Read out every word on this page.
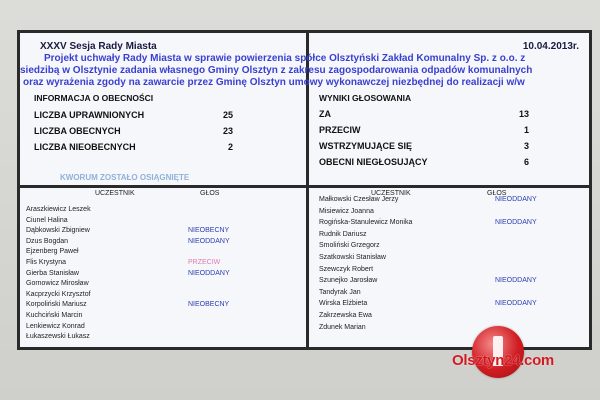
XXXV Sesja Rady Miasta
INFORMACJA O OBECNOŚCI
LICZBA UPRAWNIONYCH	25
LICZBA OBECNYCH	23
LICZBA NIEOBECNYCH	2
KWORUM ZOSTAŁO OSIĄGNIĘTE
10.04.2013r.
WYNIKI GŁOSOWANIA
ZA	13
PRZECIW	1
WSTRZYMUJĄCE SIĘ	3
OBECNI NIEGŁOSUJĄCY	6
UCZESTNIK	GŁOS
Araszkiewicz Leszek
Ciunel Halina
Dąbkowski Zbigniew	NIEOBECNY
Dzus Bogdan	NIEODDANY
Ejzenberg Paweł
Flis Krystyna	PRZECIW
Gierba Stanisław	NIEODDANY
Gornowicz Mirosław
Kacprzycki Krzysztof
Korpoliński Mariusz	NIEOBECNY
Kuchciński Marcin
Lenkiewicz Konrad
Łukaszewski Łukasz
UCZESTNIK	GŁOS
Małkowski Czesław Jerzy	NIEODDANY
Misiewicz Joanna
Rogińska-Stanulewicz Monika	NIEODDANY
Rudnik Dariusz
Smoliński Grzegorz
Szatkowski Stanisław
Szewczyk Robert
Szunejko Jarosław	NIEODDANY
Tandyrak Jan
Wirska Elżbieta	NIEODDANY
Zakrzewska Ewa
Zdunek Marian
Projekt uchwały Rady Miasta w sprawie powierzenia spółce Olsztyński Zakład Komunalny Sp. z o.o. z
siedzibą w Olsztynie zadania własnego Gminy Olsztyn z zakresu zagospodarowania odpadów komunalnych
oraz wyrażenia zgody na zawarcie przez Gminę Olsztyn umowy wykonawczej niezbędnej do realizacji w/w
Olsztyn24.com
